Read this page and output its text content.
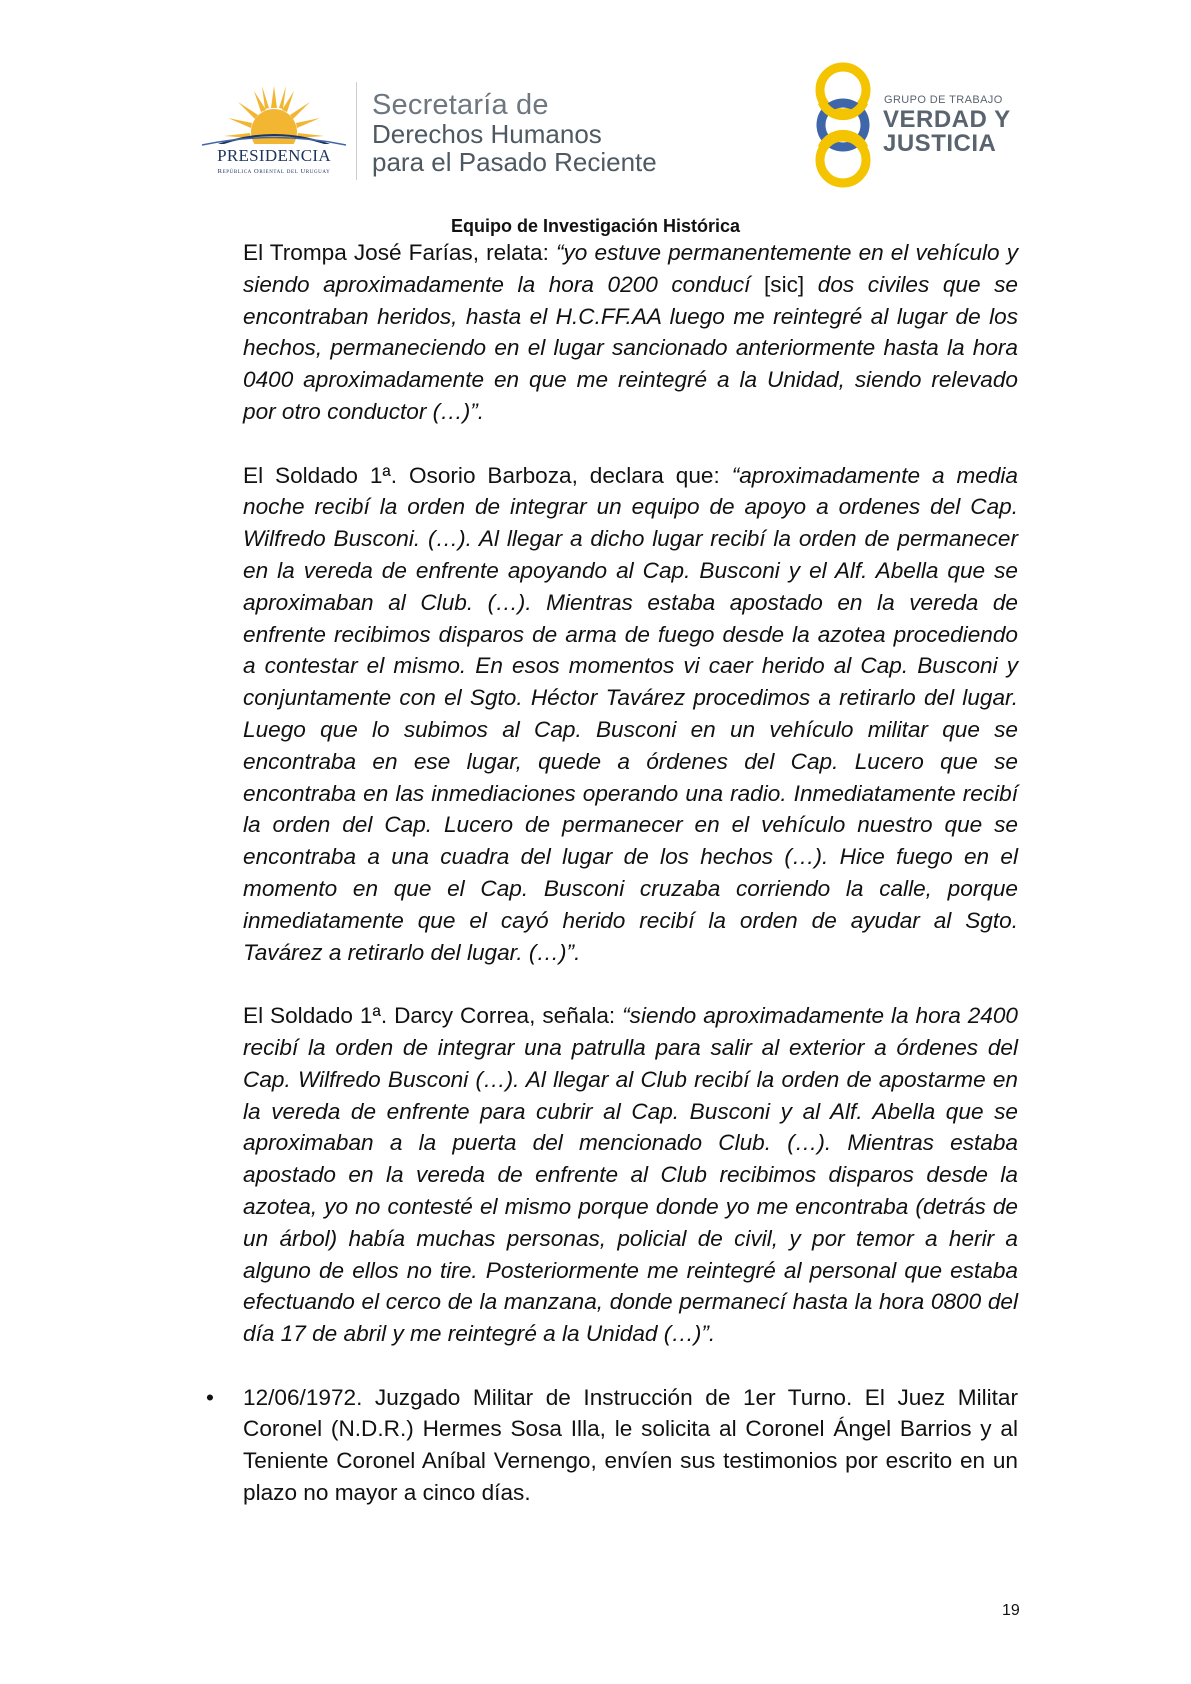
PRESIDENCIA
República Oriental del Uruguay
Secretaría de
Derechos Humanos
para el Pasado Reciente
GRUPO DE TRABAJO
VERDAD Y
JUSTICIA
Equipo de Investigación Histórica

El Trompa José Farías, relata: “yo estuve permanentemente en el vehículo y siendo aproximadamente la hora 0200 conducí [sic] dos civiles que se encontraban heridos, hasta el H.C.FF.AA luego me reintegré al lugar de los hechos, permaneciendo en el lugar sancionado anteriormente hasta la hora 0400 aproximadamente en que me reintegré a la Unidad, siendo relevado por otro conductor (…)”.

El Soldado 1ª. Osorio Barboza, declara que: “aproximadamente a media noche recibí la orden de integrar un equipo de apoyo a ordenes del Cap. Wilfredo Busconi. (…). Al llegar a dicho lugar recibí la orden de permanecer en la vereda de enfrente apoyando al Cap. Busconi y el Alf. Abella que se aproximaban al Club. (…). Mientras estaba apostado en la vereda de enfrente recibimos disparos de arma de fuego desde la azotea procediendo a contestar el mismo. En esos momentos vi caer herido al Cap. Busconi y conjuntamente con el Sgto. Héctor Tavárez procedimos a retirarlo del lugar. Luego que lo subimos al Cap. Busconi en un vehículo militar que se encontraba en ese lugar, quede a órdenes del Cap. Lucero que se encontraba en las inmediaciones operando una radio. Inmediatamente recibí la orden del Cap. Lucero de permanecer en el vehículo nuestro que se encontraba a una cuadra del lugar de los hechos (…). Hice fuego en el momento en que el Cap. Busconi cruzaba corriendo la calle, porque inmediatamente que el cayó herido recibí la orden de ayudar al Sgto. Tavárez a retirarlo del lugar. (…)”.

El Soldado 1ª. Darcy Correa, señala: “siendo aproximadamente la hora 2400 recibí la orden de integrar una patrulla para salir al exterior a órdenes del Cap. Wilfredo Busconi (…). Al llegar al Club recibí la orden de apostarme en la vereda de enfrente para cubrir al Cap. Busconi y al Alf. Abella que se aproximaban a la puerta del mencionado Club. (…). Mientras estaba apostado en la vereda de enfrente al Club recibimos disparos desde la azotea, yo no contesté el mismo porque donde yo me encontraba (detrás de un árbol) había muchas personas, policial de civil, y por temor a herir a alguno de ellos no tire. Posteriormente me reintegré al personal que estaba efectuando el cerco de la manzana, donde permanecí hasta la hora 0800 del día 17 de abril y me reintegré a la Unidad (…)”.

• 12/06/1972. Juzgado Militar de Instrucción de 1er Turno. El Juez Militar Coronel (N.D.R.) Hermes Sosa Illa, le solicita al Coronel Ángel Barrios y al Teniente Coronel Aníbal Vernengo, envíen sus testimonios por escrito en un plazo no mayor a cinco días.

19
